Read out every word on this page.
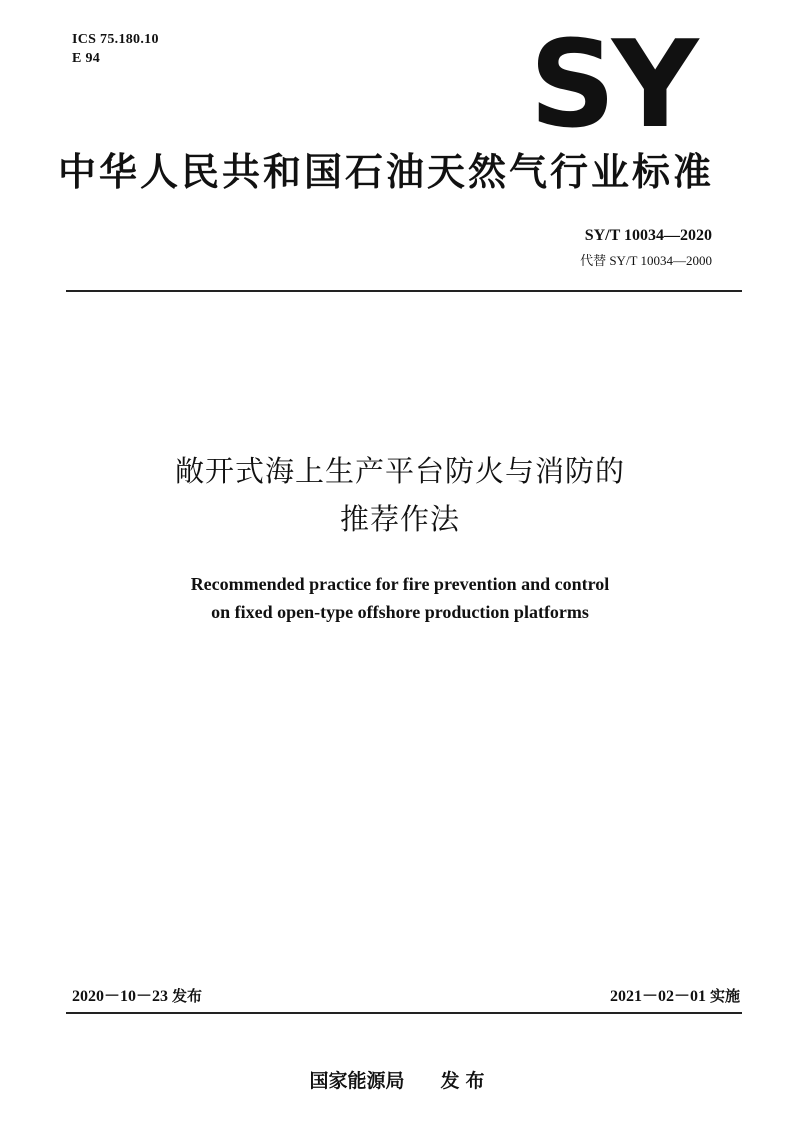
ICS 75.180.10
E 94	SY
中华人民共和国石油天然气行业标准
SY/T 10034—2020
代替 SY/T 10034—2000
敞开式海上生产平台防火与消防的
推荐作法
Recommended practice for fire prevention and control
on fixed open-type offshore production platforms
2020－10－23 发布	2021－02－01 实施
国家能源局 发布
